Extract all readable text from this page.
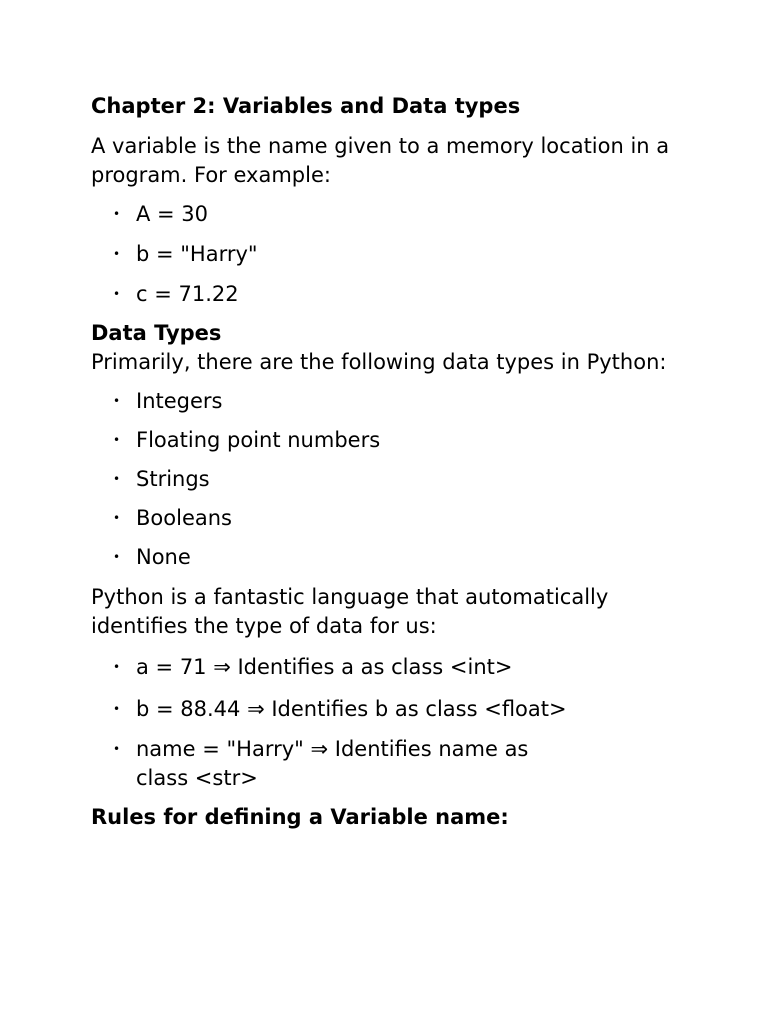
Chapter 2: Variables and Data types

A variable is the name given to a memory location in a program. For example:

• A = 30
• b = "Harry"
• c = 71.22
Data Types

Primarily, there are the following data types in Python:

• Integers
• Floating point numbers
• Strings
• Booleans
• None

Python is a fantastic language that automatically identifies the type of data for us:

• a = 71 ⇒ Identifies a as class <int>
• b = 88.44 ⇒ Identifies b as class <float>
• name = "Harry" ⇒ Identifies name as class <str>
Rules for defining a Variable name:
